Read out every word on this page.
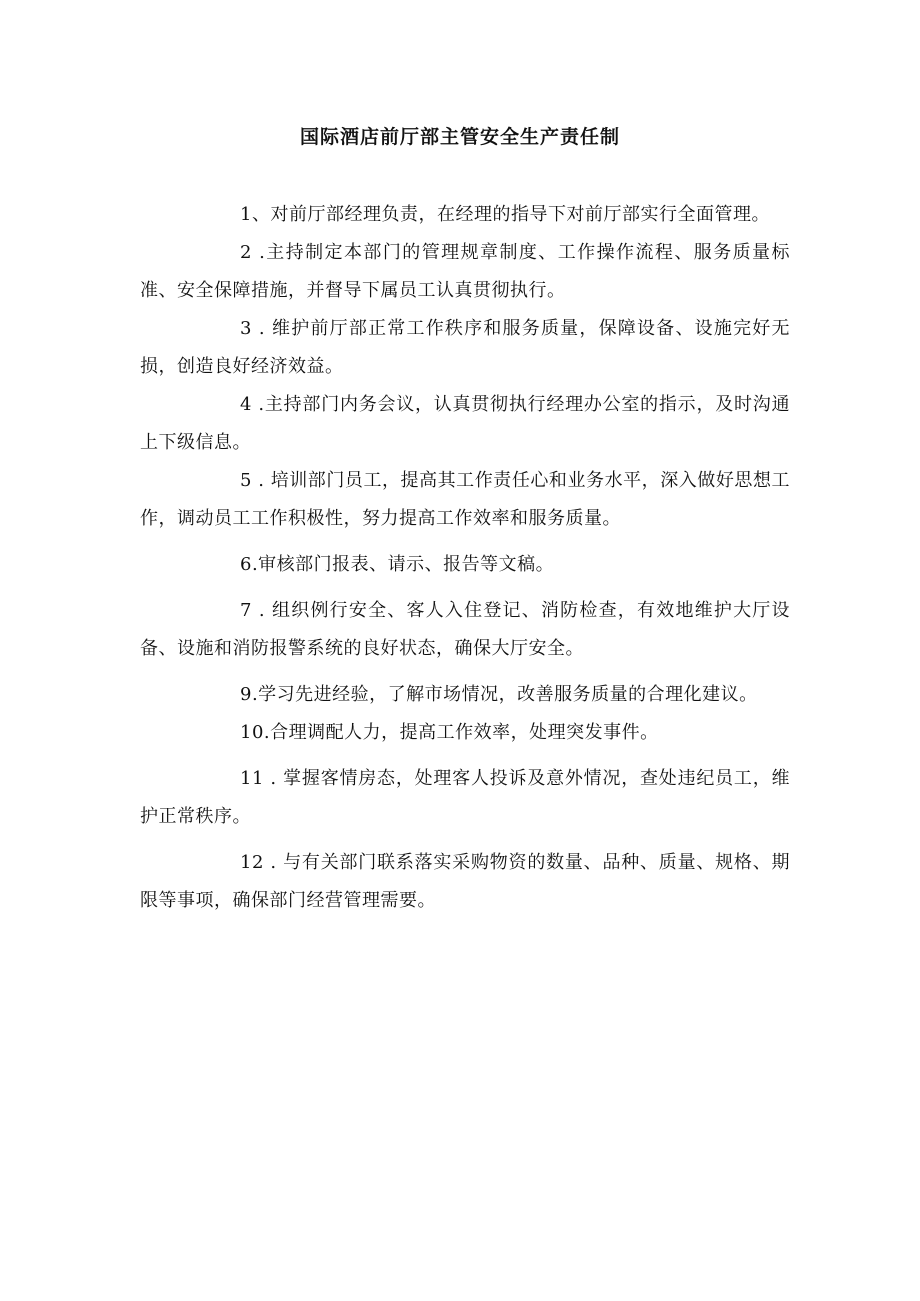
国际酒店前厅部主管安全生产责任制

1、对前厅部经理负责，在经理的指导下对前厅部实行全面管理。

2 .主持制定本部门的管理规章制度、工作操作流程、服务质量标准、安全保障措施，并督导下属员工认真贯彻执行。

3 . 维护前厅部正常工作秩序和服务质量，保障设备、设施完好无损，创造良好经济效益。

4 .主持部门内务会议，认真贯彻执行经理办公室的指示，及时沟通上下级信息。

5 . 培训部门员工，提高其工作责任心和业务水平，深入做好思想工作，调动员工工作积极性，努力提高工作效率和服务质量。

6.审核部门报表、请示、报告等文稿。

7 . 组织例行安全、客人入住登记、消防检查，有效地维护大厅设备、设施和消防报警系统的良好状态，确保大厅安全。

9.学习先进经验，了解市场情况，改善服务质量的合理化建议。

10.合理调配人力，提高工作效率，处理突发事件。

11 . 掌握客情房态，处理客人投诉及意外情况，查处违纪员工，维护正常秩序。

12 . 与有关部门联系落实采购物资的数量、品种、质量、规格、期限等事项，确保部门经营管理需要。
